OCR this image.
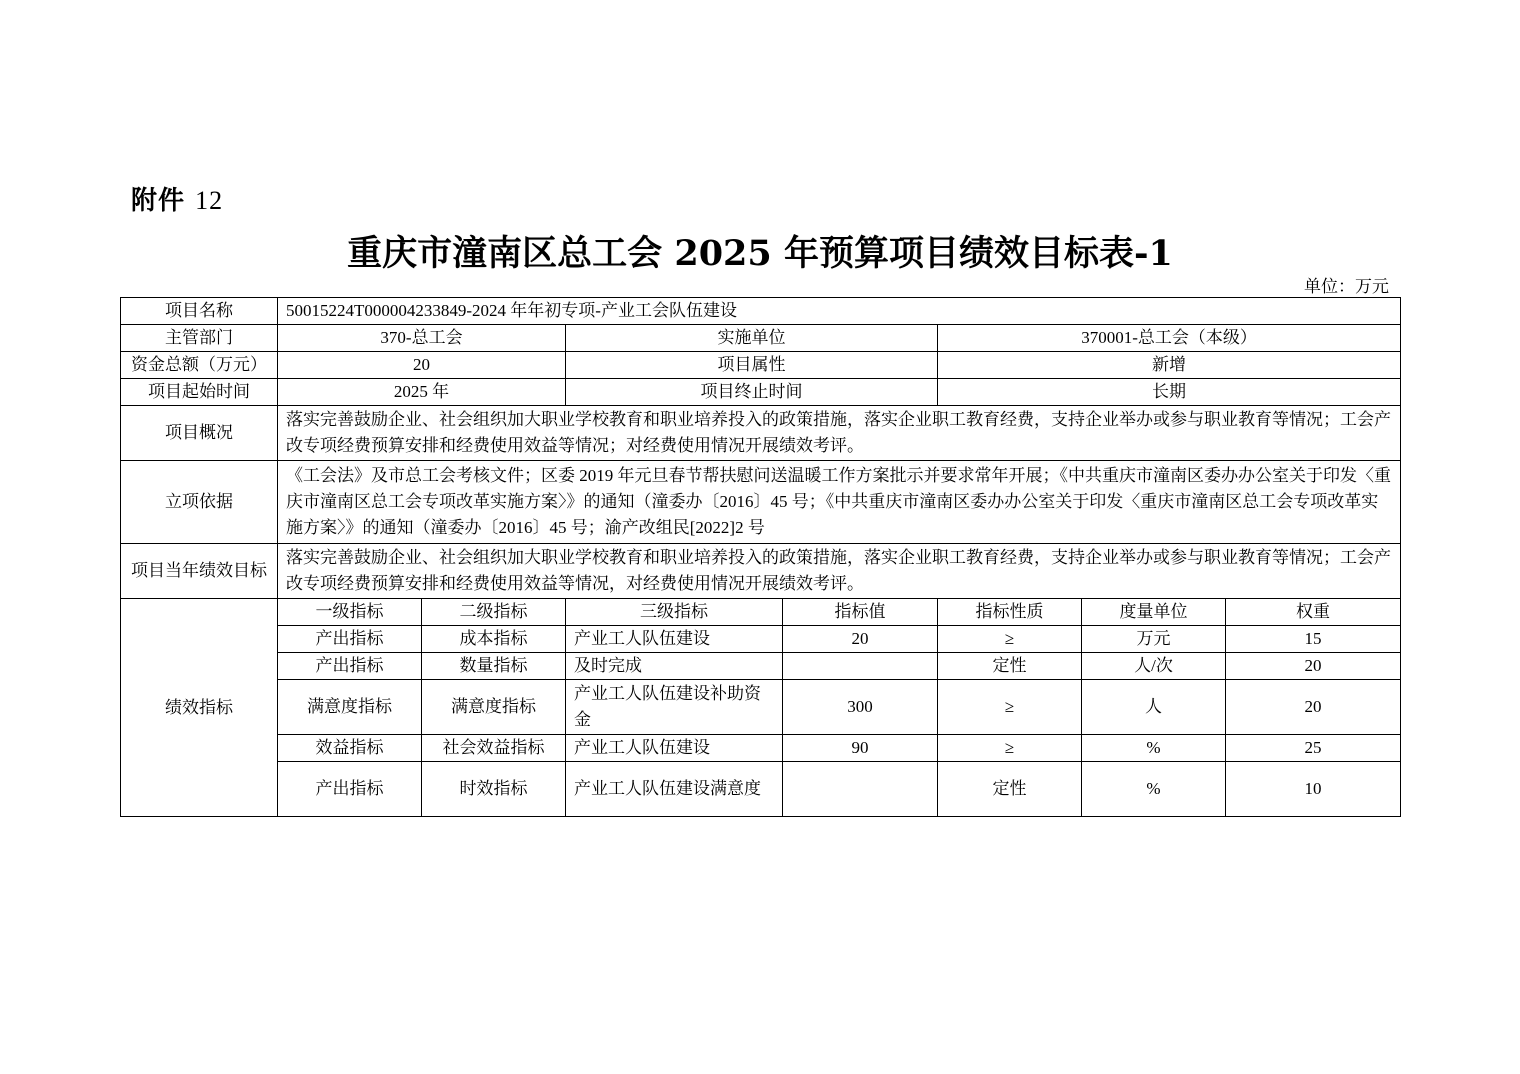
附件 12
重庆市潼南区总工会 2025 年预算项目绩效目标表-1
单位：万元
项目名称	50015224T000004233849-2024 年年初专项-产业工会队伍建设						
主管部门	370-总工会		实施单位		370001-总工会（本级）		
资金总额（万元）	20		项目属性		新增		
项目起始时间	2025 年		项目终止时间		长期		
项目概况	落实完善鼓励企业、社会组织加大职业学校教育和职业培养投入的政策措施，落实企业职工教育经费，支持企业举办或参与职业教育等情况；工会产改专项经费预算安排和经费使用效益等情况；对经费使用情况开展绩效考评。						
立项依据	《工会法》及市总工会考核文件；区委 2019 年元旦春节帮扶慰问送温暖工作方案批示并要求常年开展；《中共重庆市潼南区委办办公室关于印发〈重庆市潼南区总工会专项改革实施方案〉》的通知（潼委办〔2016〕45 号；《中共重庆市潼南区委办办公室关于印发〈重庆市潼南区总工会专项改革实施方案〉》的通知（潼委办〔2016〕45 号；渝产改组民[2022]2 号						
项目当年绩效目标	落实完善鼓励企业、社会组织加大职业学校教育和职业培养投入的政策措施，落实企业职工教育经费，支持企业举办或参与职业教育等情况；工会产改专项经费预算安排和经费使用效益等情况，对经费使用情况开展绩效考评。						
绩效指标	一级指标	二级指标	三级指标	指标值	指标性质	度量单位	权重
	产出指标	成本指标	产业工人队伍建设	20	≥	万元	15
	产出指标	数量指标	及时完成		定性	人/次	20
	满意度指标	满意度指标	产业工人队伍建设补助资金	300	≥	人	20
	效益指标	社会效益指标	产业工人队伍建设	90	≥	%	25
	产出指标	时效指标	产业工人队伍建设满意度		定性	%	10
